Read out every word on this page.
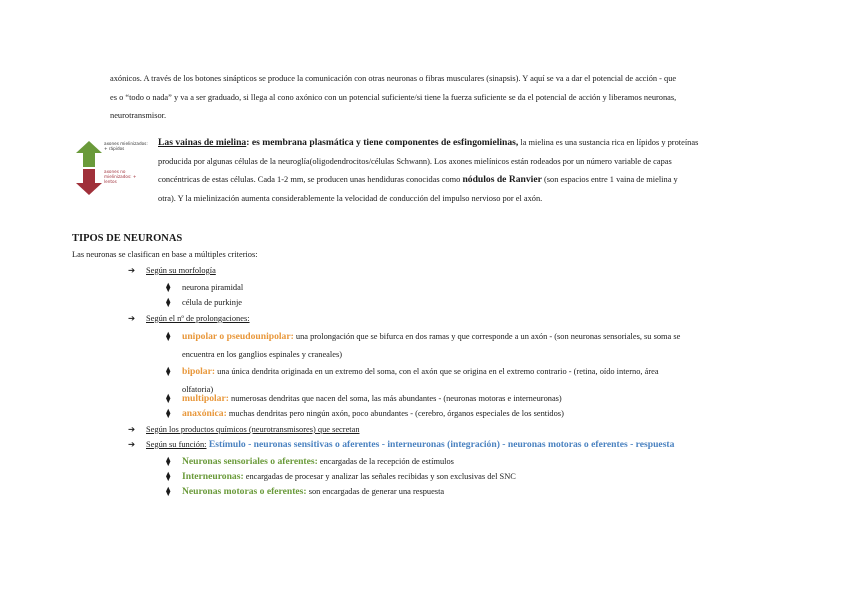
axónicos. A través de los botones sinápticos se produce la comunicación con otras neuronas o fibras musculares (sinapsis). Y aquí se va a dar el potencial de acción - que
es o “todo o nada” y va a ser graduado, si llega al cono axónico con un potencial suficiente/si tiene la fuerza suficiente se da el potencial de acción y liberamos neuronas,
neurotransmisor.
axones mielinizados: + rápidos
axones no mielinizados: + lentos
Las vainas de mielina: es membrana plasmática y tiene componentes de esfingomielinas, la mielina es una sustancia rica en lípidos y proteínas
producida por algunas células de la neuroglía(oligodendrocitos/células Schwann). Los axones mielínicos están rodeados por un número variable de capas
concéntricas de estas células. Cada 1-2 mm, se producen unas hendiduras conocidas como nódulos de Ranvier (son espacios entre 1 vaina de mielina y
otra). Y la mielinización aumenta considerablemente la velocidad de conducción del impulso nervioso por el axón.
TIPOS DE NEURONAS
Las neuronas se clasifican en base a múltiples criterios:
➔ Según su morfología
⧫ neurona piramidal
⧫ célula de purkinje
➔ Según el nº de prolongaciones:
⧫ unipolar o pseudounipolar: una prolongación que se bifurca en dos ramas y que corresponde a un axón - (son neuronas sensoriales, su soma se
encuentra en los ganglios espinales y craneales)
⧫ bipolar: una única dendrita originada en un extremo del soma, con el axón que se origina en el extremo contrario - (retina, oído interno, área
olfatoria)
⧫ multipolar: numerosas dendritas que nacen del soma, las más abundantes - (neuronas motoras e interneuronas)
⧫ anaxónica: muchas dendritas pero ningún axón, poco abundantes - (cerebro, órganos especiales de los sentidos)
➔ Según los productos químicos (neurotransmisores) que secretan
➔ Según su función: Estímulo - neuronas sensitivas o aferentes - interneuronas (integración) - neuronas motoras o eferentes - respuesta
⧫ Neuronas sensoriales o aferentes: encargadas de la recepción de estímulos
⧫ Interneuronas: encargadas de procesar y analizar las señales recibidas y son exclusivas del SNC
⧫ Neuronas motoras o eferentes: son encargadas de generar una respuesta
